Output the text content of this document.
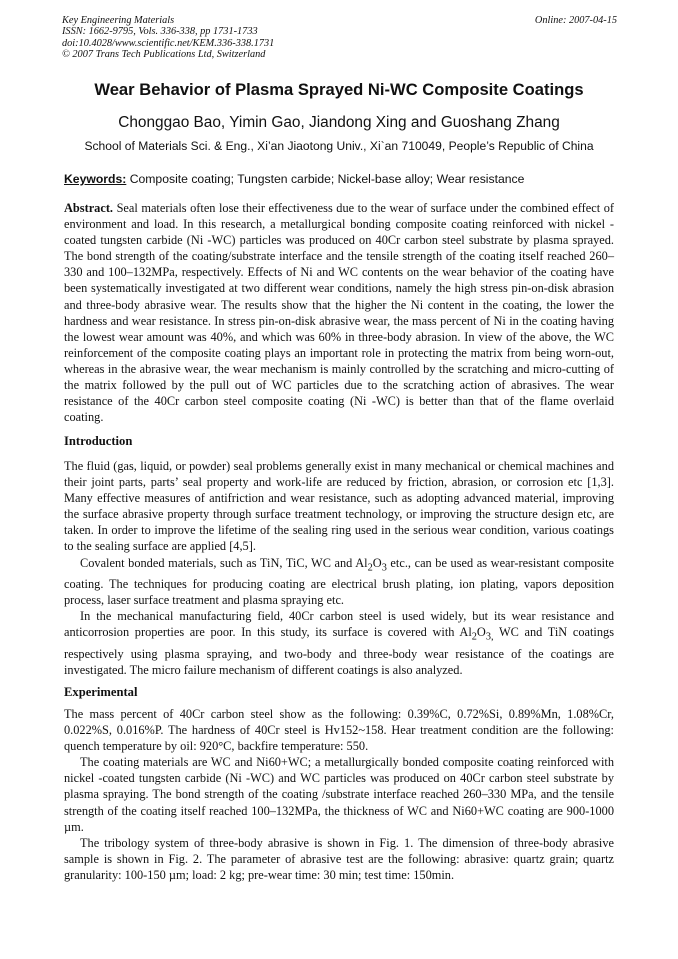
Key Engineering Materials
ISSN: 1662-9795, Vols. 336-338, pp 1731-1733
doi:10.4028/www.scientific.net/KEM.336-338.1731
© 2007 Trans Tech Publications Ltd, Switzerland
Online: 2007-04-15
Wear Behavior of Plasma Sprayed Ni-WC Composite Coatings
Chonggao Bao, Yimin Gao, Jiandong Xing and Guoshang Zhang
School of Materials Sci. & Eng., Xi’an Jiaotong Univ., Xi`an 710049, People’s Republic of China
Keywords: Composite coating; Tungsten carbide; Nickel-base alloy; Wear resistance

Abstract. Seal materials often lose their effectiveness due to the wear of surface under the combined effect of environment and load. In this research, a metallurgical bonding composite coating reinforced with nickel -coated tungsten carbide (Ni -WC) particles was produced on 40Cr carbon steel substrate by plasma sprayed. The bond strength of the coating/substrate interface and the tensile strength of the coating itself reached 260–330 and 100–132MPa, respectively. Effects of Ni and WC contents on the wear behavior of the coating have been systematically investigated at two different wear conditions, namely the high stress pin-on-disk abrasion and three-body abrasive wear. The results show that the higher the Ni content in the coating, the lower the hardness and wear resistance. In stress pin-on-disk abrasive wear, the mass percent of Ni in the coating having the lowest wear amount was 40%, and which was 60% in three-body abrasion. In view of the above, the WC reinforcement of the composite coating plays an important role in protecting the matrix from being worn-out, whereas in the abrasive wear, the wear mechanism is mainly controlled by the scratching and micro-cutting of the matrix followed by the pull out of WC particles due to the scratching action of abrasives. The wear resistance of the 40Cr carbon steel composite coating (Ni -WC) is better than that of the flame overlaid coating.

Introduction

The fluid (gas, liquid, or powder) seal problems generally exist in many mechanical or chemical machines and their joint parts, parts’ seal property and work-life are reduced by friction, abrasion, or corrosion etc [1,3]. Many effective measures of antifriction and wear resistance, such as adopting advanced material, improving the surface abrasive property through surface treatment technology, or improving the structure design etc, are taken. In order to improve the lifetime of the sealing ring used in the serious wear condition, various coatings to the sealing surface are applied [4,5].

Covalent bonded materials, such as TiN, TiC, WC and $Al_2O_3$ etc., can be used as wear-resistant composite coating. The techniques for producing coating are electrical brush plating, ion plating, vapors deposition process, laser surface treatment and plasma spraying etc.

In the mechanical manufacturing field, 40Cr carbon steel is used widely, but its wear resistance and anticorrosion properties are poor. In this study, its surface is covered with $Al_2O_{3,}$ WC and TiN coatings respectively using plasma spraying, and two-body and three-body wear resistance of the coatings are investigated. The micro failure mechanism of different coatings is also analyzed.

Experimental

The mass percent of 40Cr carbon steel show as the following: 0.39%C, 0.72%Si, 0.89%Mn, 1.08%Cr, 0.022%S, 0.016%P. The hardness of 40Cr steel is Hv152~158. Hear treatment condition are the following: quench temperature by oil: 920°C, backfire temperature: 550.

The coating materials are WC and Ni60+WC; a metallurgically bonded composite coating reinforced with nickel -coated tungsten carbide (Ni -WC) and WC particles was produced on 40Cr carbon steel substrate by plasma spraying. The bond strength of the coating /substrate interface reached 260–330 MPa, and the tensile strength of the coating itself reached 100–132MPa, the thickness of WC and Ni60+WC coating are 900-1000 µm.

The tribology system of three-body abrasive is shown in Fig. 1. The dimension of three-body abrasive sample is shown in Fig. 2. The parameter of abrasive test are the following: abrasive: quartz grain; quartz granularity: 100-150 µm; load: 2 kg; pre-wear time: 30 min; test time: 150min.
